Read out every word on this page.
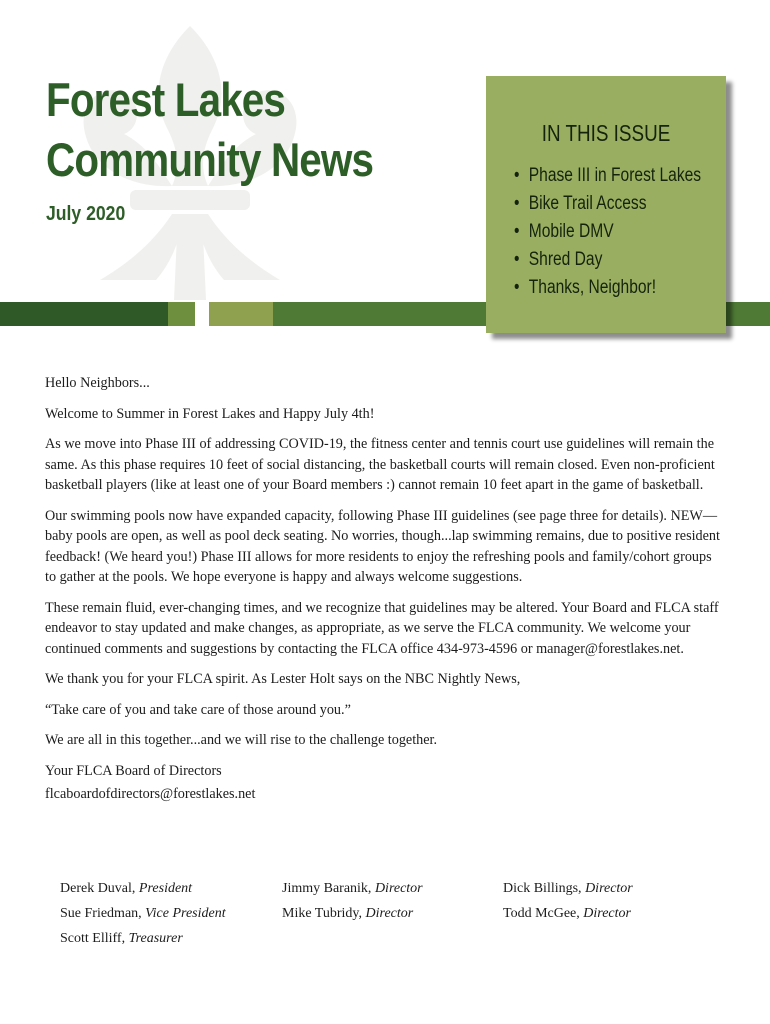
Forest Lakes
Community News
July 2020
IN THIS ISSUE
• Phase III in Forest Lakes
• Bike Trail Access
• Mobile DMV
• Shred Day
• Thanks, Neighbor!

Hello Neighbors...

Welcome to Summer in Forest Lakes and Happy July 4th!

As we move into Phase III of addressing COVID-19, the fitness center and tennis court use guidelines will remain the same. As this phase requires 10 feet of social distancing, the basketball courts will remain closed. Even non-proficient basketball players (like at least one of your Board members :) cannot remain 10 feet apart in the game of basketball.

Our swimming pools now have expanded capacity, following Phase III guidelines (see page three for details). NEW—baby pools are open, as well as pool deck seating. No worries, though...lap swimming remains, due to positive resident feedback! (We heard you!) Phase III allows for more residents to enjoy the refreshing pools and family/cohort groups to gather at the pools. We hope everyone is happy and always welcome suggestions.

These remain fluid, ever-changing times, and we recognize that guidelines may be altered. Your Board and FLCA staff endeavor to stay updated and make changes, as appropriate, as we serve the FLCA community. We welcome your continued comments and suggestions by contacting the FLCA office 434-973-4596 or manager@forestlakes.net.

We thank you for your FLCA spirit. As Lester Holt says on the NBC Nightly News,

“Take care of you and take care of those around you.”

We are all in this together...and we will rise to the challenge together.

Your FLCA Board of Directors

flcaboardofdirectors@forestlakes.net

Derek Duval, President	Jimmy Baranik, Director	Dick Billings, Director
Sue Friedman, Vice President	Mike Tubridy, Director	Todd McGee, Director
Scott Elliff, Treasurer
